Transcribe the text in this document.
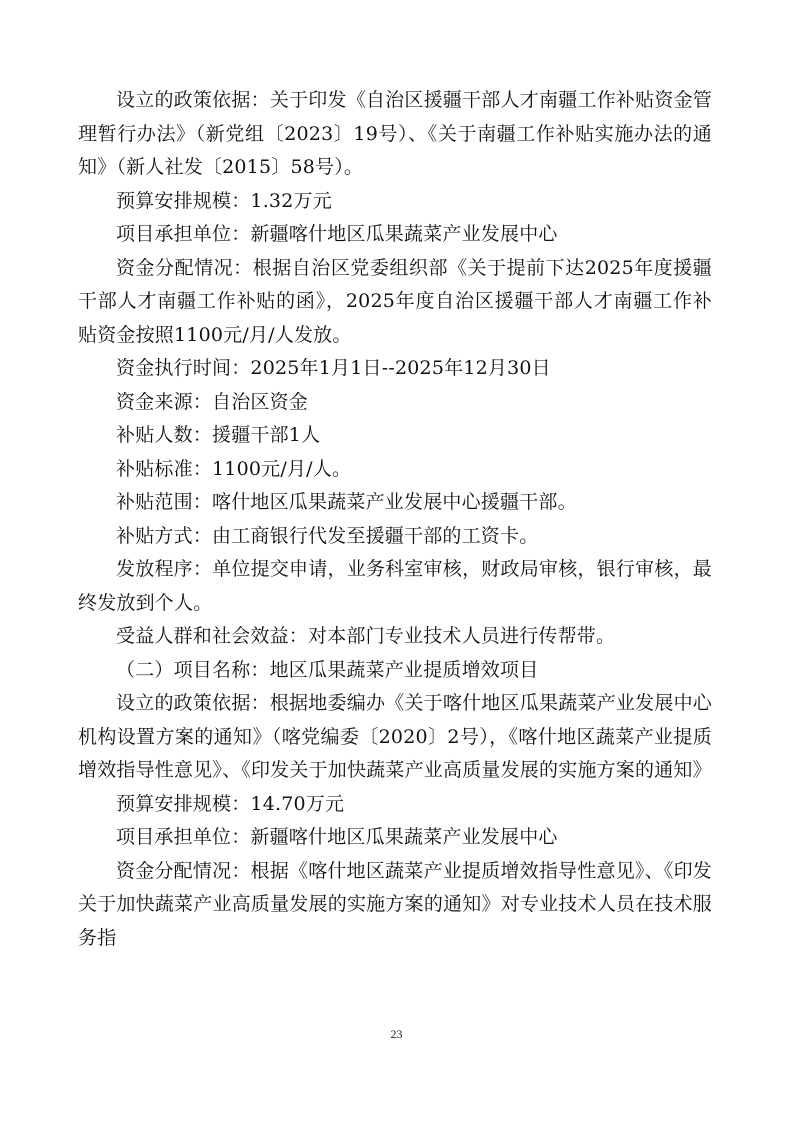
设立的政策依据：关于印发《自治区援疆干部人才南疆工作补贴资金管理暂行办法》（新党组〔2023〕19号）、《关于南疆工作补贴实施办法的通知》（新人社发〔2015〕58号）。

预算安排规模：1.32万元

项目承担单位：新疆喀什地区瓜果蔬菜产业发展中心

资金分配情况：根据自治区党委组织部《关于提前下达2025年度援疆干部人才南疆工作补贴的函》，2025年度自治区援疆干部人才南疆工作补贴资金按照1100元/月/人发放。

资金执行时间：2025年1月1日--2025年12月30日

资金来源：自治区资金

补贴人数：援疆干部1人

补贴标准：1100元/月/人。

补贴范围：喀什地区瓜果蔬菜产业发展中心援疆干部。

补贴方式：由工商银行代发至援疆干部的工资卡。

发放程序：单位提交申请，业务科室审核，财政局审核，银行审核，最终发放到个人。

受益人群和社会效益：对本部门专业技术人员进行传帮带。

（二）项目名称：地区瓜果蔬菜产业提质增效项目

设立的政策依据：根据地委编办《关于喀什地区瓜果蔬菜产业发展中心机构设置方案的通知》（喀党编委〔2020〕2号），《喀什地区蔬菜产业提质增效指导性意见》、《印发关于加快蔬菜产业高质量发展的实施方案的通知》

预算安排规模：14.70万元

项目承担单位：新疆喀什地区瓜果蔬菜产业发展中心

资金分配情况：根据《喀什地区蔬菜产业提质增效指导性意见》、《印发关于加快蔬菜产业高质量发展的实施方案的通知》对专业技术人员在技术服务指

23
